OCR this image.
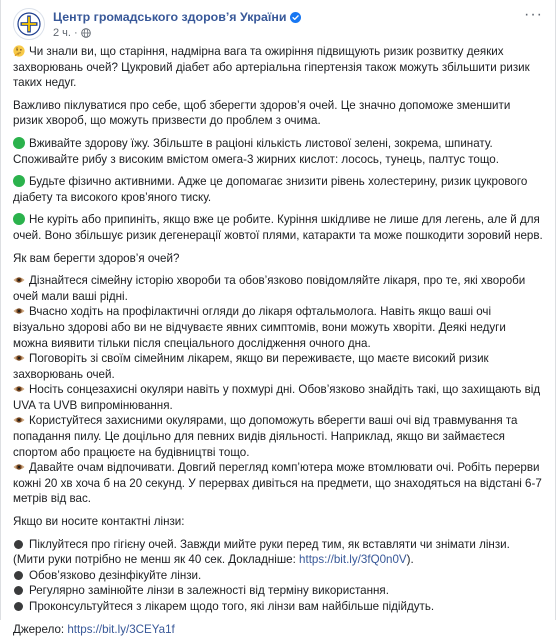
Центр громадського здоров’я України
2 ч. ·
···

Чи знали ви, що старіння, надмірна вага та ожиріння підвищують ризик розвитку деяких захворювань очей? Цукровий діабет або артеріальна гіпертензія також можуть збільшити ризик таких недуг.

Важливо піклуватися про себе, щоб зберегти здоров’я очей. Це значно допоможе зменшити ризик хвороб, що можуть призвести до проблем з очима.

Вживайте здорову їжу. Збільште в раціоні кількість листової зелені, зокрема, шпинату. Споживайте рибу з високим вмістом омега-3 жирних кислот: лосось, тунець, палтус тощо.

Будьте фізично активними. Адже це допомагає знизити рівень холестерину, ризик цукрового діабету та високого кров’яного тиску.

Не куріть або припиніть, якщо вже це робите. Куріння шкідливе не лише для легень, але й для очей. Воно збільшує ризик дегенерації жовтої плями, катаракти та може пошкодити зоровий нерв.

Як вам берегти здоров’я очей?

Дізнайтеся сімейну історію хвороби та обов’язково повідомляйте лікаря, про те, які хвороби очей мали ваші рідні.

Вчасно ходіть на профілактичні огляди до лікаря офтальмолога. Навіть якщо ваші очі візуально здорові або ви не відчуваєте явних симптомів, вони можуть хворіти. Деякі недуги можна виявити тільки після спеціального дослідження очного дна.

Поговоріть зі своїм сімейним лікарем, якщо ви переживаєте, що маєте високий ризик захворювань очей.

Носіть сонцезахисні окуляри навіть у похмурі дні. Обов’язково знайдіть такі, що захищають від UVA та UVB випромінювання.

Користуйтеся захисними окулярами, що допоможуть вберегти ваші очі від травмування та попадання пилу. Це доцільно для певних видів діяльності. Наприклад, якщо ви займаєтеся спортом або працюєте на будівництві тощо.

Давайте очам відпочивати. Довгий перегляд комп’ютера може втомлювати очі. Робіть перерви кожні 20 хв хоча б на 20 секунд. У перервах дивіться на предмети, що знаходяться на відстані 6-7 метрів від вас.

Якщо ви носите контактні лінзи:

Піклуйтеся про гігієну очей. Завжди мийте руки перед тим, як вставляти чи знімати лінзи. (Мити руки потрібно не менш як 40 сек. Докладніше: https://bit.ly/3fQ0n0V).

Обов’язково дезінфікуйте лінзи.

Регулярно замінюйте лінзи в залежності від терміну використання.

Проконсультуйтеся з лікарем щодо того, які лінзи вам найбільше підійдуть.

Джерело: https://bit.ly/3CEYa1f
